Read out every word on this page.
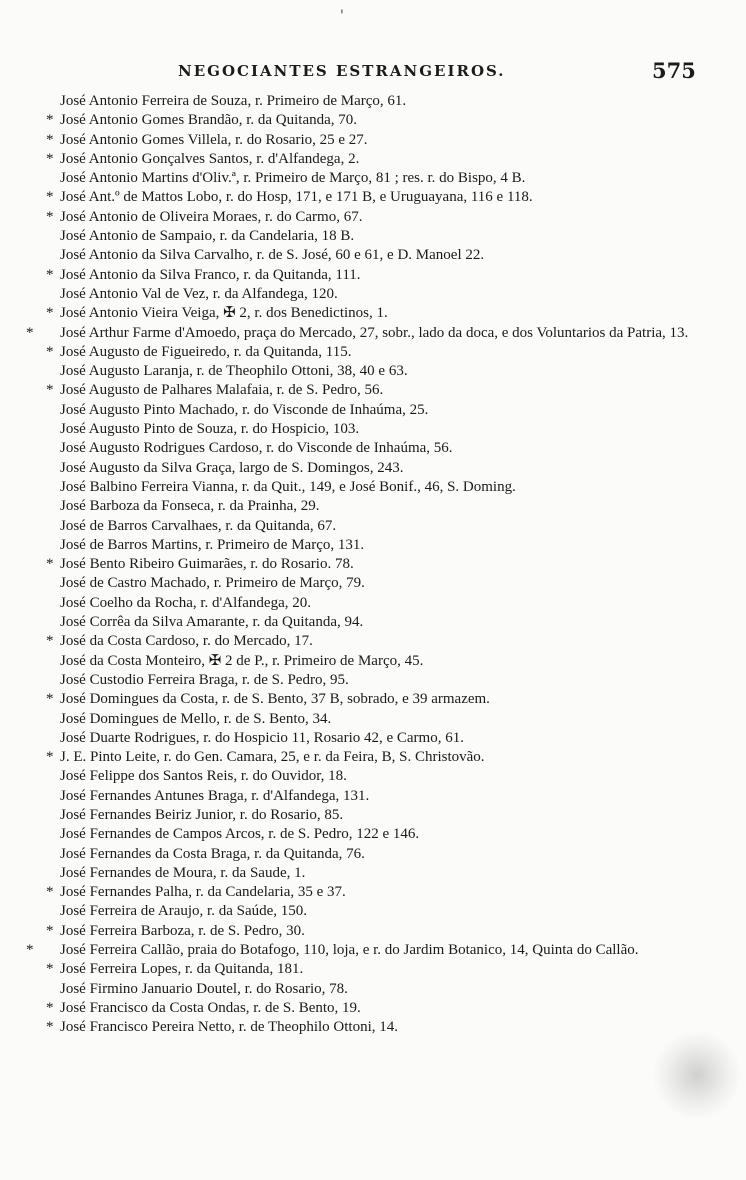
'
NEGOCIANTES ESTRANGEIROS.	575
José Antonio Ferreira de Souza, r. Primeiro de Março, 61.
* José Antonio Gomes Brandão, r. da Quitanda, 70.
* José Antonio Gomes Villela, r. do Rosario, 25 e 27.
* José Antonio Gonçalves Santos, r. d'Alfandega, 2.
José Antonio Martins d'Oliv.ª, r. Primeiro de Março, 81 ; res. r. do Bispo, 4 B.
* José Ant.º de Mattos Lobo, r. do Hosp, 171, e 171 B, e Uruguayana, 116 e 118.
* José Antonio de Oliveira Moraes, r. do Carmo, 67.
José Antonio de Sampaio, r. da Candelaria, 18 B.
José Antonio da Silva Carvalho, r. de S. José, 60 e 61, e D. Manoel 22.
* José Antonio da Silva Franco, r. da Quitanda, 111.
José Antonio Val de Vez, r. da Alfandega, 120.
* José Antonio Vieira Veiga, ✠ 2, r. dos Benedictinos, 1.
* José Arthur Farme d'Amoedo, praça do Mercado, 27, sobr., lado da doca, e dos Voluntarios da Patria, 13.
* José Augusto de Figueiredo, r. da Quitanda, 115.
José Augusto Laranja, r. de Theophilo Ottoni, 38, 40 e 63.
* José Augusto de Palhares Malafaia, r. de S. Pedro, 56.
José Augusto Pinto Machado, r. do Visconde de Inhaúma, 25.
José Augusto Pinto de Souza, r. do Hospicio, 103.
José Augusto Rodrigues Cardoso, r. do Visconde de Inhaúma, 56.
José Augusto da Silva Graça, largo de S. Domingos, 243.
José Balbino Ferreira Vianna, r. da Quit., 149, e José Bonif., 46, S. Doming.
José Barboza da Fonseca, r. da Prainha, 29.
José de Barros Carvalhaes, r. da Quitanda, 67.
José de Barros Martins, r. Primeiro de Março, 131.
* José Bento Ribeiro Guimarães, r. do Rosario. 78.
José de Castro Machado, r. Primeiro de Março, 79.
José Coelho da Rocha, r. d'Alfandega, 20.
José Corrêa da Silva Amarante, r. da Quitanda, 94.
* José da Costa Cardoso, r. do Mercado, 17.
José da Costa Monteiro, ✠ 2 de P., r. Primeiro de Março, 45.
José Custodio Ferreira Braga, r. de S. Pedro, 95.
* José Domingues da Costa, r. de S. Bento, 37 B, sobrado, e 39 armazem.
José Domingues de Mello, r. de S. Bento, 34.
José Duarte Rodrigues, r. do Hospicio 11, Rosario 42, e Carmo, 61.
* J. E. Pinto Leite, r. do Gen. Camara, 25, e r. da Feira, B, S. Christovão.
José Felippe dos Santos Reis, r. do Ouvidor, 18.
José Fernandes Antunes Braga, r. d'Alfandega, 131.
José Fernandes Beiriz Junior, r. do Rosario, 85.
José Fernandes de Campos Arcos, r. de S. Pedro, 122 e 146.
José Fernandes da Costa Braga, r. da Quitanda, 76.
José Fernandes de Moura, r. da Saude, 1.
* José Fernandes Palha, r. da Candelaria, 35 e 37.
José Ferreira de Araujo, r. da Saúde, 150.
* José Ferreira Barboza, r. de S. Pedro, 30.
* José Ferreira Callão, praia do Botafogo, 110, loja, e r. do Jardim Botanico, 14, Quinta do Callão.
* José Ferreira Lopes, r. da Quitanda, 181.
José Firmino Januario Doutel, r. do Rosario, 78.
* José Francisco da Costa Ondas, r. de S. Bento, 19.
* José Francisco Pereira Netto, r. de Theophilo Ottoni, 14.
